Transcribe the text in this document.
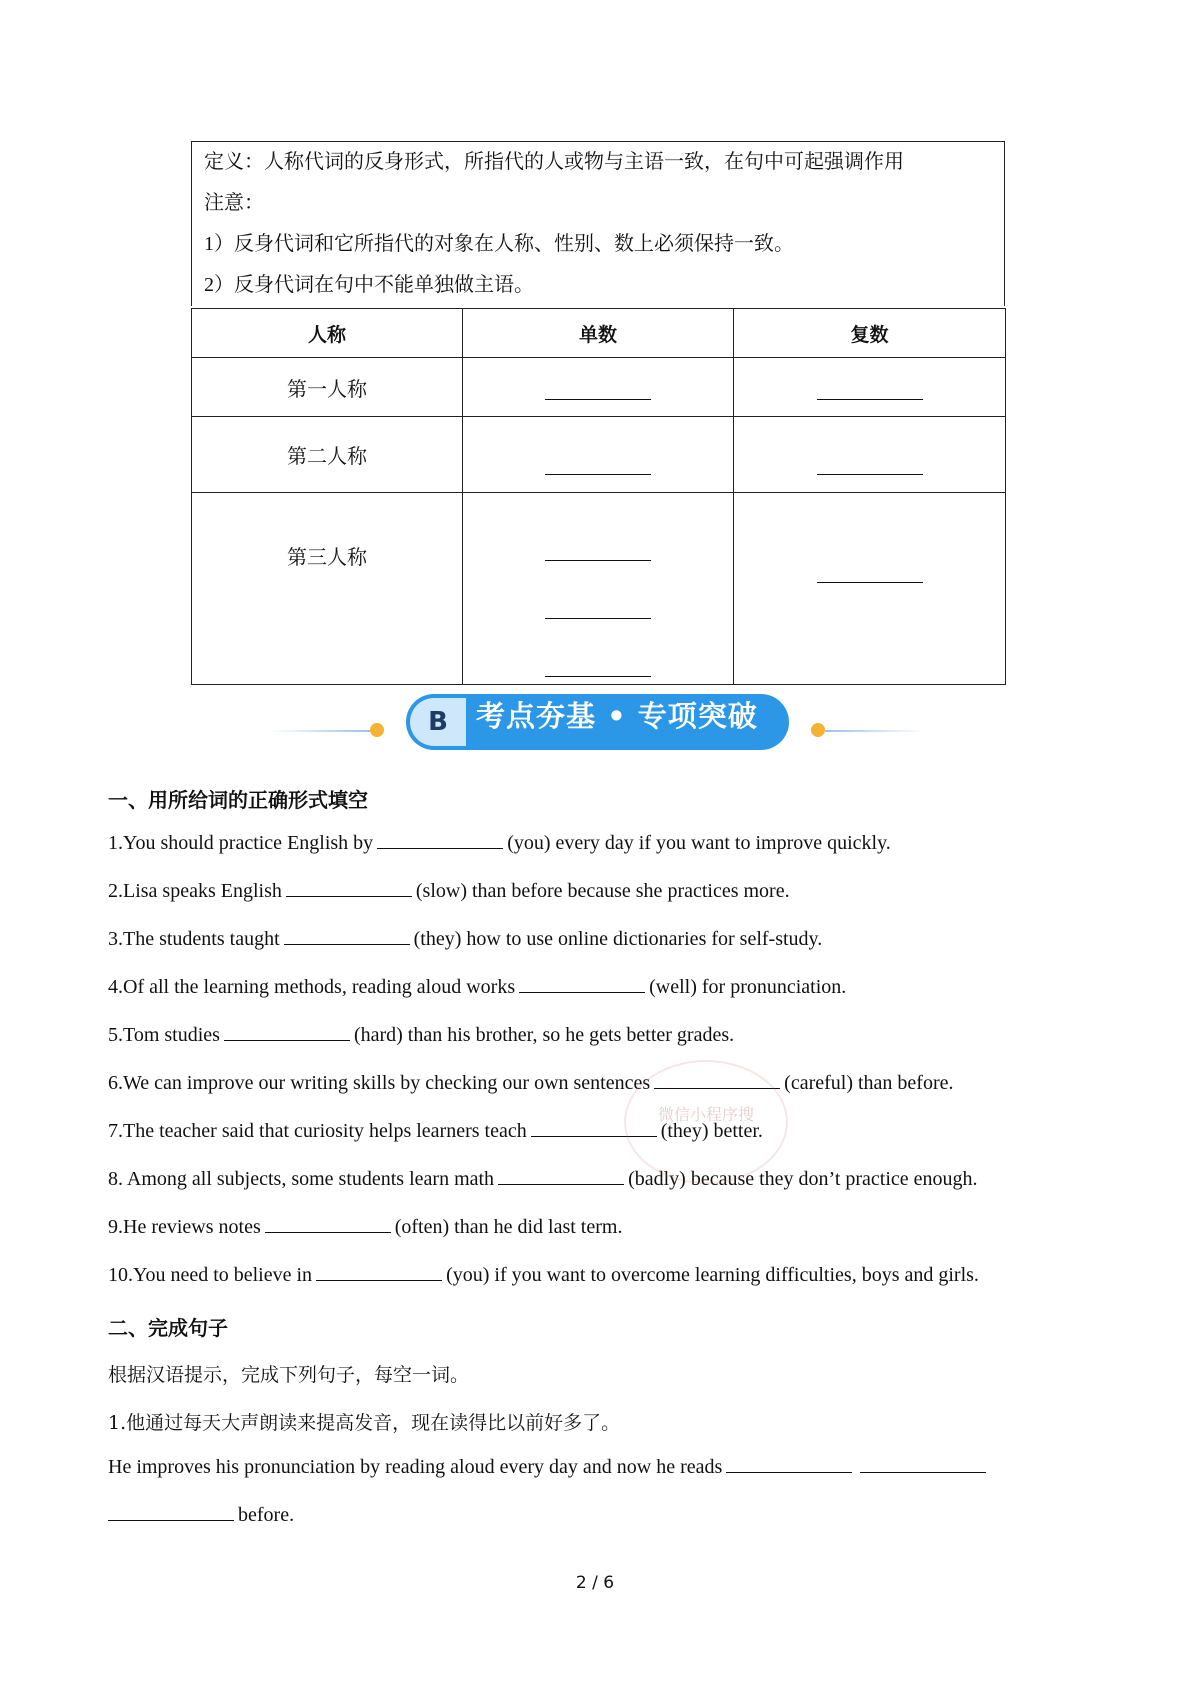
定义：人称代词的反身形式，所指代的人或物与主语一致，在句中可起强调作用
注意：
1）反身代词和它所指代的对象在人称、性别、数上必须保持一致。
2）反身代词在句中不能单独做主语。
人称	单数	复数
第一人称		
第二人称		
第三人称	

B 考点夯基 • 专项突破
一、用所给词的正确形式填空
1.You should practice English by	(you) every day if you want to improve quickly.
2.Lisa speaks English	(slow) than before because she practices more.
3.The students taught	(they) how to use online dictionaries for self-study.
4.Of all the learning methods, reading aloud works	(well) for pronunciation.
5.Tom studies	(hard) than his brother, so he gets better grades.
6.We can improve our writing skills by checking our own sentences	(careful) than before.
7.The teacher said that curiosity helps learners teach	(they) better.
8. Among all subjects, some students learn math	(badly) because they don’t practice enough.
9.He reviews notes	(often) than he did last term.
10.You need to believe in	(you) if you want to overcome learning difficulties, boys and girls.
二、完成句子
根据汉语提示，完成下列句子，每空一词。
1.他通过每天大声朗读来提高发音，现在读得比以前好多了。
He improves his pronunciation by reading aloud every day and now he reads
before.
微信小程序搜
2 / 6
